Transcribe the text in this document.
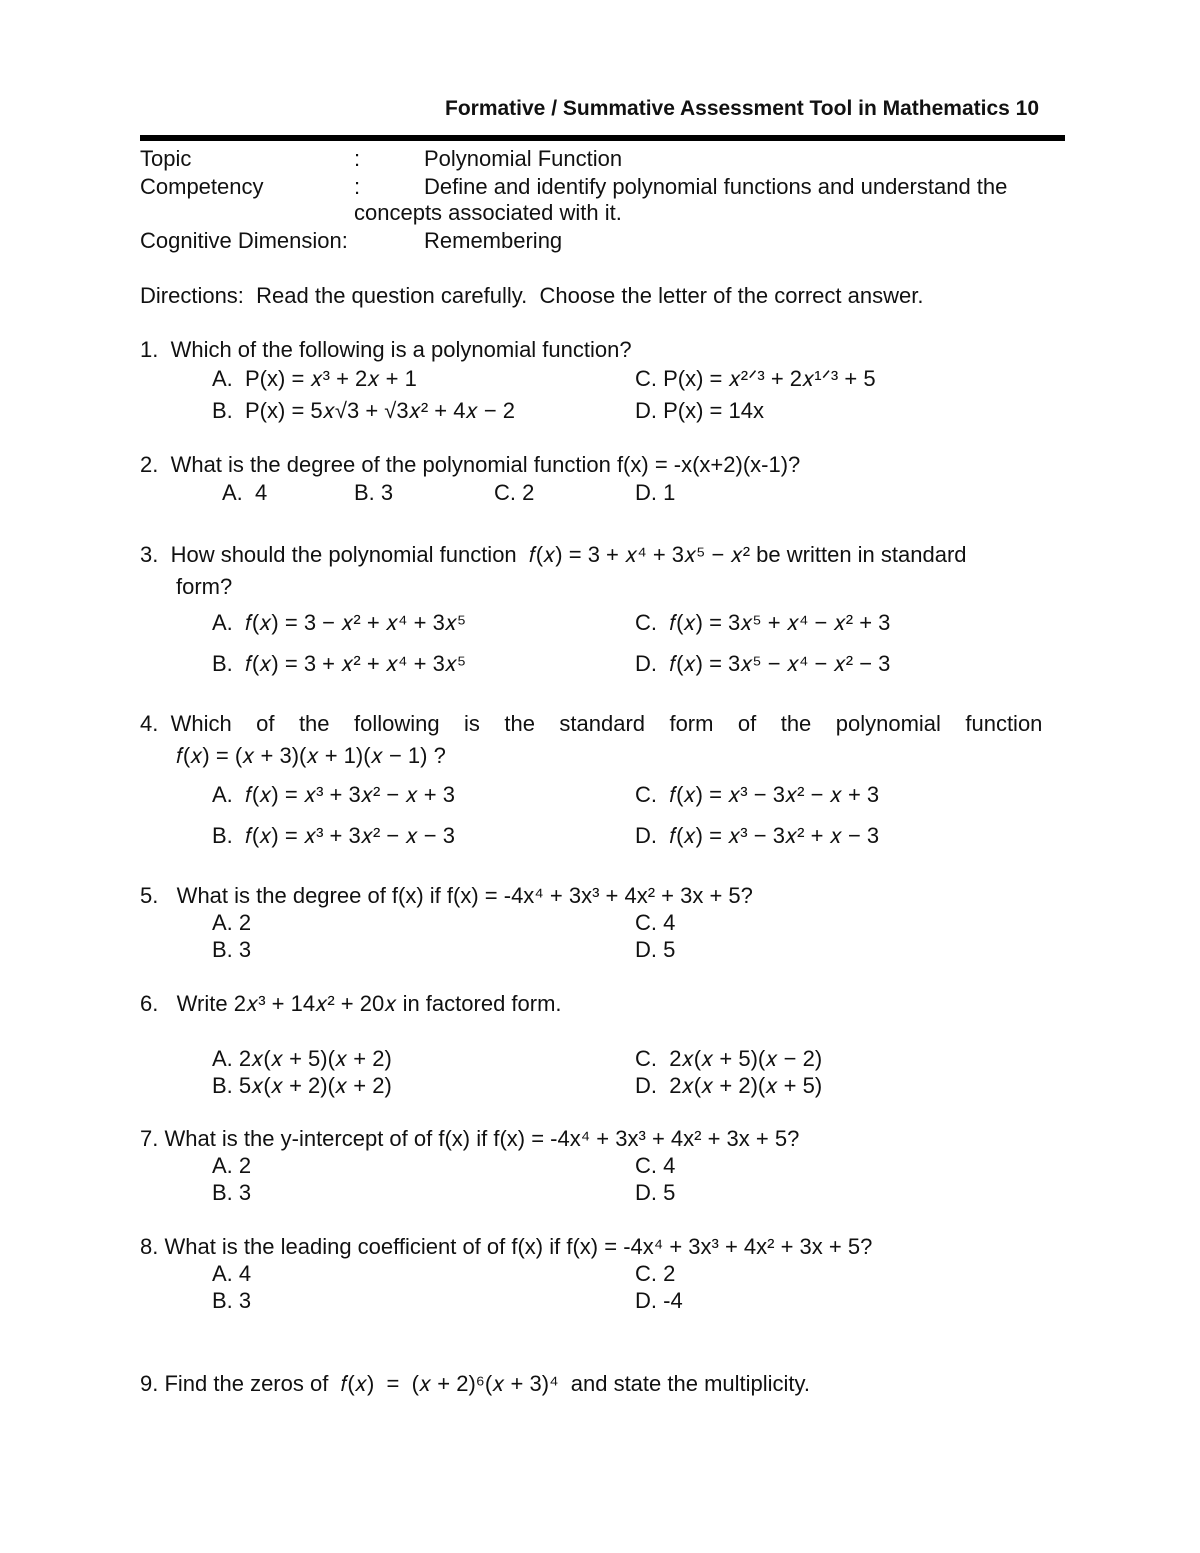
Formative / Summative Assessment Tool in Mathematics 10
Topic	:	Polynomial Function
Competency	:	Define and identify polynomial functions and understand the
concepts associated with it.
Cognitive Dimension:	Remembering
Directions:  Read the question carefully.  Choose the letter of the correct answer.
1.  Which of the following is a polynomial function?
A.  P(x) = 𝑥³ + 2𝑥 + 1	C. P(x) = 𝑥²ᐟ³ + 2𝑥¹ᐟ³ + 5
B.  P(x) = 5𝑥√3 + √3𝑥² + 4𝑥 − 2	D. P(x) = 14x
2.  What is the degree of the polynomial function f(x) = -x(x+2)(x-1)?
A.  4	B. 3	C. 2	D. 1
3.  How should the polynomial function  𝑓(𝑥) = 3 + 𝑥⁴ + 3𝑥⁵ − 𝑥² be written in standard
form?
A.  𝑓(𝑥) = 3 − 𝑥² + 𝑥⁴ + 3𝑥⁵	C.  𝑓(𝑥) = 3𝑥⁵ + 𝑥⁴ − 𝑥² + 3
B.  𝑓(𝑥) = 3 + 𝑥² + 𝑥⁴ + 3𝑥⁵	D.  𝑓(𝑥) = 3𝑥⁵ − 𝑥⁴ − 𝑥² − 3
4.  Which    of    the    following    is    the    standard    form    of    the    polynomial    function
𝑓(𝑥) = (𝑥 + 3)(𝑥 + 1)(𝑥 − 1) ?
A.  𝑓(𝑥) = 𝑥³ + 3𝑥² − 𝑥 + 3	C.  𝑓(𝑥) = 𝑥³ − 3𝑥² − 𝑥 + 3
B.  𝑓(𝑥) = 𝑥³ + 3𝑥² − 𝑥 − 3	D.  𝑓(𝑥) = 𝑥³ − 3𝑥² + 𝑥 − 3
5.   What is the degree of f(x) if f(x) = -4x⁴ + 3x³ + 4x² + 3x + 5?
A. 2	C. 4
B. 3	D. 5
6.   Write 2𝑥³ + 14𝑥² + 20𝑥 in factored form.
A. 2𝑥(𝑥 + 5)(𝑥 + 2)	C.  2𝑥(𝑥 + 5)(𝑥 − 2)
B. 5𝑥(𝑥 + 2)(𝑥 + 2)	D.  2𝑥(𝑥 + 2)(𝑥 + 5)
7. What is the y-intercept of of f(x) if f(x) = -4x⁴ + 3x³ + 4x² + 3x + 5?
A. 2	C. 4
B. 3	D. 5
8. What is the leading coefficient of of f(x) if f(x) = -4x⁴ + 3x³ + 4x² + 3x + 5?
A. 4	C. 2
B. 3	D. -4
9. Find the zeros of  𝑓(𝑥)  =  (𝑥 + 2)⁶(𝑥 + 3)⁴  and state the multiplicity.
